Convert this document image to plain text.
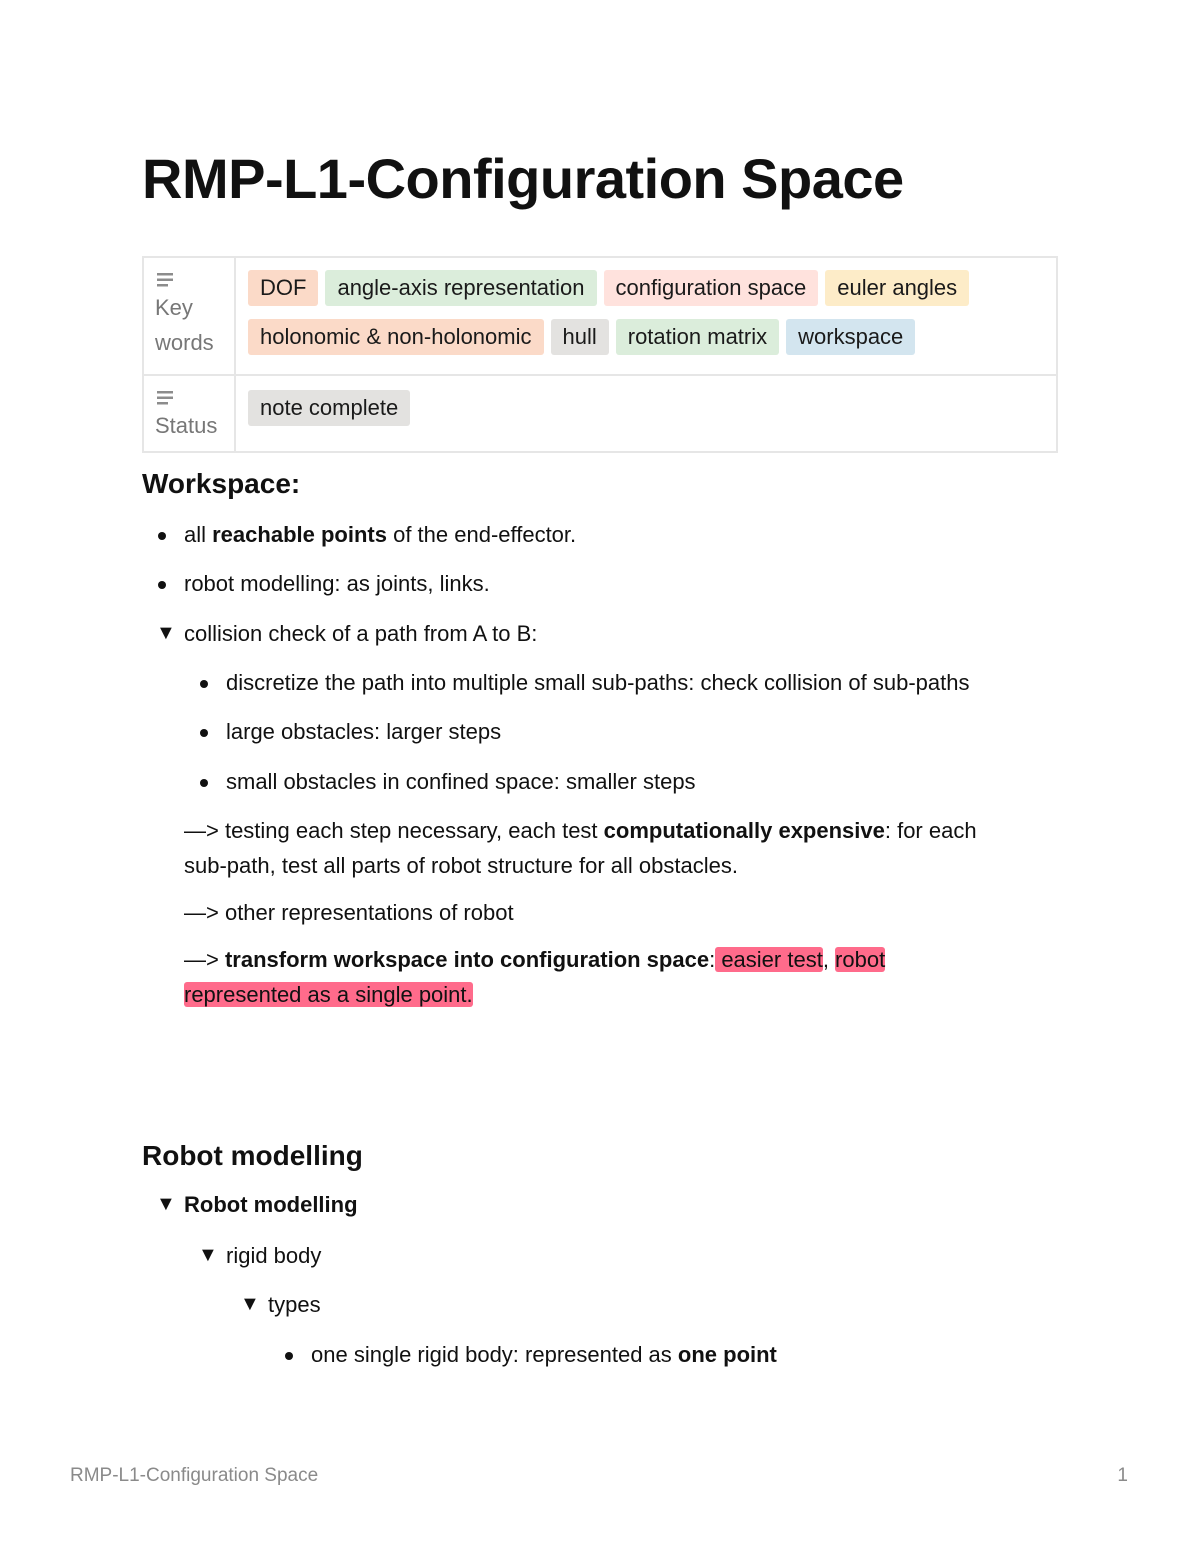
RMP-L1-Configuration Space
Key words	DOF angle-axis representation configuration space euler anglesholonomic & non-holonomic hull rotation matrix workspace

Status	note complete
Workspace:
all reachable points of the end-effector.
robot modelling: as joints, links.
▼ collision check of a path from A to B:
discretize the path into multiple small sub-paths: check collision of sub-paths
large obstacles: larger steps
small obstacles in confined space: smaller steps
—> testing each step necessary, each test computationally expensive: for each
sub-path, test all parts of robot structure for all obstacles.
—> other representations of robot
—> transform workspace into configuration space: easier test, robot
represented as a single point.
Robot modelling
▼ Robot modelling
▼ rigid body
▼ types
one single rigid body: represented as one point
RMP-L1-Configuration Space	1
